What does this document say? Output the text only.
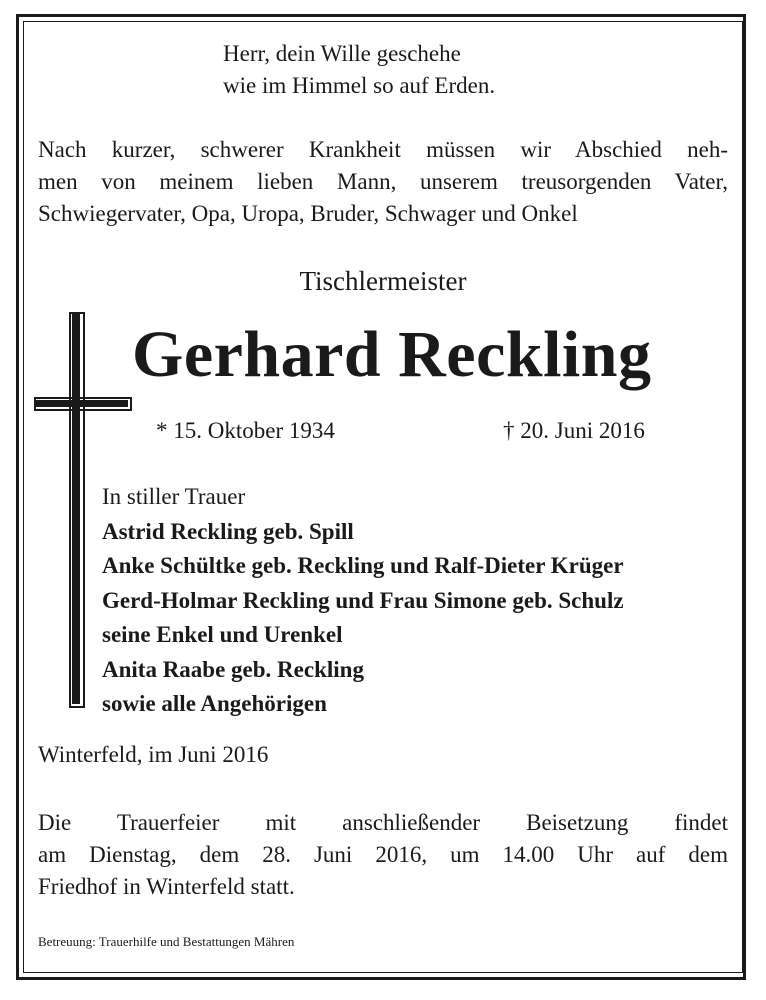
Herr, dein Wille geschehe
wie im Himmel so auf Erden.
Nach kurzer, schwerer Krankheit müssen wir Abschied neh-
men von meinem lieben Mann, unserem treusorgenden Vater,
Schwiegervater, Opa, Uropa, Bruder, Schwager und Onkel
Tischlermeister
Gerhard Reckling
* 15. Oktober 1934	† 20. Juni 2016
In stiller Trauer
Astrid Reckling geb. Spill
Anke Schültke geb. Reckling und Ralf-Dieter Krüger
Gerd-Holmar Reckling und Frau Simone geb. Schulz
seine Enkel und Urenkel
Anita Raabe geb. Reckling
sowie alle Angehörigen
Winterfeld, im Juni 2016
Die Trauerfeier mit anschließender Beisetzung findet
am Dienstag, dem 28. Juni 2016, um 14.00 Uhr auf dem
Friedhof in Winterfeld statt.
Betreuung: Trauerhilfe und Bestattungen Mähren
